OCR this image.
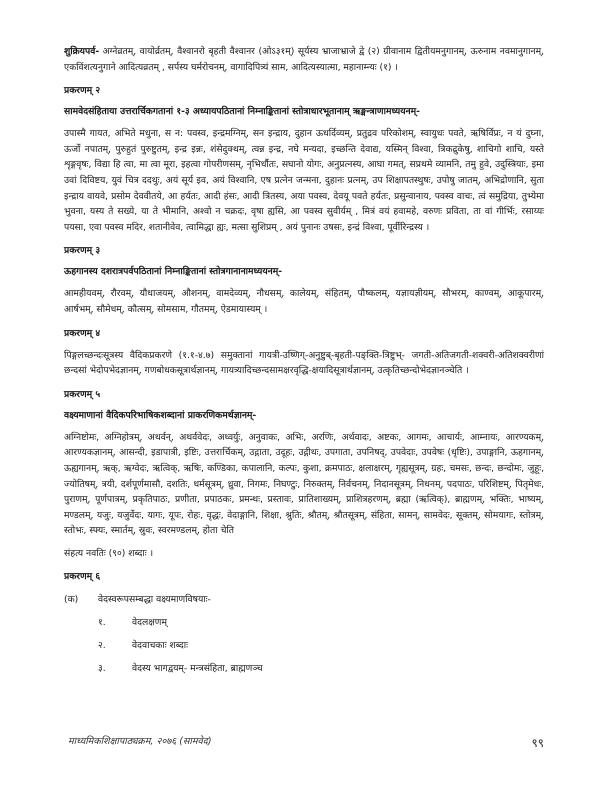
शुक्रियपर्व- अग्नेव्रतम्, वायोर्व्रतम्, वैश्वानरो बृहती वैश्वानर (ओऽ३१म्) सूर्यस्य भ्राजाभ्राजे द्वे (२) ग्रीवानाम द्वितीयमनुगानम्, ऊरुनाम नवमानुगानम्, एकविंशत्यनुगाने आदित्यव्रतम् , सर्पस्य घर्मरोचनम्, वागादिपित्र्यं साम, आदित्यस्यात्मा, महानाम्न्यः (१) ।

प्रकरणम् २
सामवेदसंहिताया उत्तरार्चिकगतानां १-३ अध्यायपठितानां निम्नाङ्कितानां स्तोत्राधारभूतानाम् ऋङ्मन्त्राणामध्ययनम्-

उपास्मै गायत, अभिते मधुना, स न: पवस्व, इन्द्रमग्निम्, सन इन्द्राय, दुहान ऊधर्दिव्यम्, प्रतुद्रव परिकोशम्, स्वायुधः पवते, ऋषिर्विप्रः, न यं दुघ्ना, ऊर्जो नपातम्, पुरुहुतं पुरुष्टुतम्, इन्द्र इन्नः, शंसेदुक्थम्, त्वन्न इन्द्र, नघे मन्यदा, इच्छन्ति देवाद्य, यस्मिन् विश्वा, त्रिकद्रुकेषु, शाचिगो शाचि, यस्ते शृङ्गवृषः, विद्या हि त्वा, मा त्वा मूरा, इहत्वा गोपरीणसम्, नृभिर्धौतः, सघानो योगः, अनुप्रत्नस्य, आघा गमत्, सप्रथमे व्यामनि, तमु हुवे, उदुस्त्रियाः, इमा उवां दिविष्टय, युवं चित्र ददथुः, अयं सूर्य इव, अयं विश्वानि, एष प्रत्नेन जन्मना, दुहानः प्रत्नम्, उप शिक्षापतस्थुषः, उपोषु जातम्, अभिद्रोणानि, सुता इन्द्राय वायवे, प्रसोम देववीतये, आ हर्यतः, आदी हंसः, आदी त्रितस्य, अया पवस्व, देवयू पवते हर्यतः, प्रसुन्वानाय, पवस्व वाचः, त्वं समुद्रिया, तुभ्येमा भुवना, यस्य ते सख्ये, या ते भीमानि, अश्वो न चक्रदः, वृषा ह्यसि, आ पवस्व सुवीर्यम् , मित्रं वयं हवामहे, वरुणः प्रविता, ता वां गीर्भिः, रसाय्यः पयसा, एवा पवस्व मदिर, शतानीवेव, त्वामिद्धा ह्यः, मत्सा सुशिप्रम् , अयं पुनानः उषसः, इन्द्रं विश्वा, पूर्वीरिन्द्रस्य ।

प्रकरणम् ३
ऊहगानस्य दशरात्रपर्वपठितानां निम्नाङ्कितानां स्तोत्रगानानामध्ययनम्-

आमहीयवम्, रौरवम्, यौधाजयम्, औशनम्, वामदेव्यम्, नौधसम्, कालेयम्, संहितम्, पौष्कलम्, यज्ञायज्ञीयम्, सौभरम्, काण्वम्, आकूपारम्, आर्षभम्, सौमेधम्, कौत्सम्, सोमसाम, गौतमम्, ऐडमायास्यम् ।

प्रकरणम् ४

पिङ्गलच्छन्दःसूत्रस्य वैदिकप्रकरणे (१.१-४.७) समुक्तानां गायत्री-उष्णिग्-अनुष्टुब्-बृहती-पङ्क्ति-त्रिष्टुभ्- जगती-अतिजगती-शक्वरी-अतिशक्वरीणां छन्दसां भेदोपभेदज्ञानम्, गणबोधकसूत्रार्थज्ञानम्, गायत्र्यादिच्छन्दसामक्षरवृद्धि-क्षयादिसूत्रार्थज्ञानम्, उत्कृतिच्छन्दोभेदज्ञानञ्चेति ।

प्रकरणम् ५
वक्ष्यमाणानां वैदिकपरिभाषिकशब्दानां प्राकरणिकमर्थज्ञानम्-

अग्निष्टोमः, अग्निहोत्रम्, अथर्वन्, अथर्ववेदः, अध्वर्युः, अनुवाकः, अभिः, अरणिः, अर्थवादः, अष्टकः, आगमः, आचार्यः, आम्नायः, आरण्यकम्, आरण्यकज्ञानम्, आसन्दी, इडापात्री, इष्टिः, उत्तरार्चिकम्, उद्गाता, उदूहः, उद्गीथः, उपगाता, उपनिषद्, उपवेदाः, उपवेषः (धृष्टिः), उपाङ्गानि, ऊहगानम्, ऊह्यगानम्, ऋक्, ऋग्वेदः, ऋत्विक्, ऋषिः, कण्डिका, कपालानि, कल्पः, कुशा, क्रमपाठः, क्षलाक्षरम्, गृह्यसूत्रम्, ग्रहः, चमसः, छन्दः, छन्दोमः, जुहूः, ज्योतिषम्, त्रयी, दर्शपूर्णमासौ, दशतिः, धर्मसूत्रम्, ध्रुवा, निगमः, निघण्टुः, निरुक्तम्, निर्वचनम्, निदानसूत्रम्, निधनम्, पदपाठः, परिशिष्टम्, पितृमेधः, पुराणम्, पूर्णपात्रम्, प्रकृतिपाठः, प्रणीता, प्रपाठकः, प्रमन्थः, प्रस्तावः, प्रातिशाख्यम्, प्राशित्रहरणम्, ब्रह्मा (ऋत्विक्), ब्राह्मणम्, भक्तिः, भाष्यम्, मण्डलम्, यजुः, यजुर्वेदः, यागः, यूपः, रोहः, वृद्धः, वेदाङ्गानि, शिक्षा, श्रुतिः, श्रौतम्, श्रौतसूत्रम्, संहिता, सामन्, सामवेदः, सूक्तम्, सोमयागः, स्तोत्रम्, स्तोभः, स्फ्यः, स्मार्तम्, स्रुवः, स्वरमण्डलम्, होता चेति

संहत्य नवतिः (९०) शब्दाः ।

प्रकरणम् ६
(क)	वेदस्वरूपसम्बद्धा वक्ष्यमाणविषयाः-
१.	वेदलक्षणम्
२.	वेदवाचकाः शब्दाः
३.	वेदस्य भागद्वयम्- मन्त्रसंहिता, ब्राह्मणञ्च
माध्यमिकशिक्षापाठ्यक्रम, २०७६ (सामवेद)	९९
